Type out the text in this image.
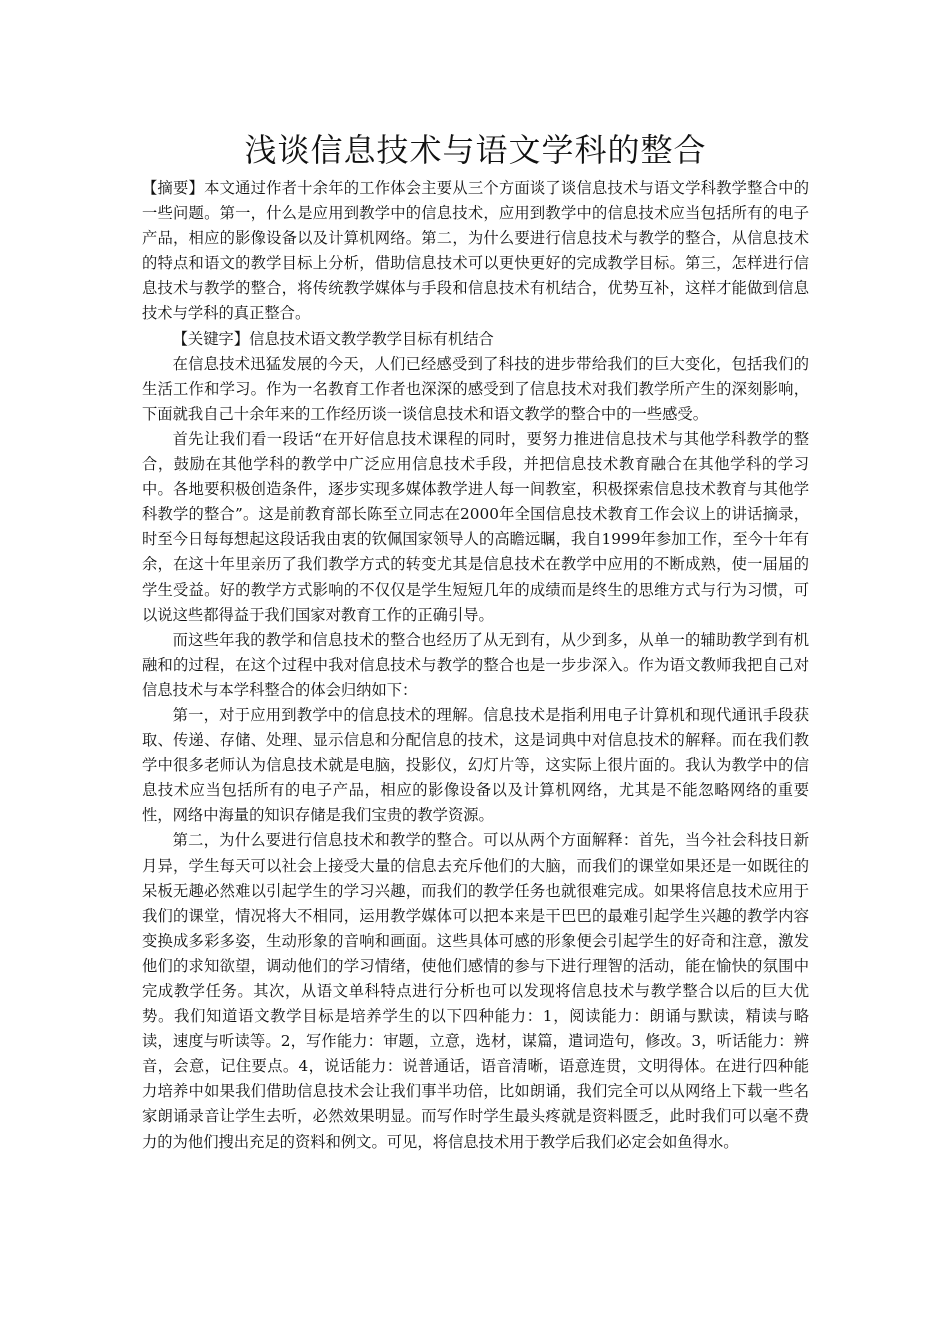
浅谈信息技术与语文学科的整合

【摘要】本文通过作者十余年的工作体会主要从三个方面谈了谈信息技术与语文学科教学整合中的一些问题。第一，什么是应用到教学中的信息技术，应用到教学中的信息技术应当包括所有的电子产品，相应的影像设备以及计算机网络。第二，为什么要进行信息技术与教学的整合，从信息技术的特点和语文的教学目标上分析，借助信息技术可以更快更好的完成教学目标。第三，怎样进行信息技术与教学的整合，将传统教学媒体与手段和信息技术有机结合，优势互补，这样才能做到信息技术与学科的真正整合。

【关键字】信息技术语文教学教学目标有机结合

在信息技术迅猛发展的今天，人们已经感受到了科技的进步带给我们的巨大变化，包括我们的生活工作和学习。作为一名教育工作者也深深的感受到了信息技术对我们教学所产生的深刻影响，下面就我自己十余年来的工作经历谈一谈信息技术和语文教学的整合中的一些感受。

首先让我们看一段话“在开好信息技术课程的同时，要努力推进信息技术与其他学科教学的整合，鼓励在其他学科的教学中广泛应用信息技术手段，并把信息技术教育融合在其他学科的学习中。各地要积极创造条件，逐步实现多媒体教学进人每一间教室，积极探索信息技术教育与其他学科教学的整合”。这是前教育部长陈至立同志在2000年全国信息技术教育工作会议上的讲话摘录，时至今日每每想起这段话我由衷的钦佩国家领导人的高瞻远瞩，我自1999年参加工作，至今十年有余，在这十年里亲历了我们教学方式的转变尤其是信息技术在教学中应用的不断成熟，使一届届的学生受益。好的教学方式影响的不仅仅是学生短短几年的成绩而是终生的思维方式与行为习惯，可以说这些都得益于我们国家对教育工作的正确引导。

而这些年我的教学和信息技术的整合也经历了从无到有，从少到多，从单一的辅助教学到有机融和的过程，在这个过程中我对信息技术与教学的整合也是一步步深入。作为语文教师我把自己对信息技术与本学科整合的体会归纳如下：

第一，对于应用到教学中的信息技术的理解。信息技术是指利用电子计算机和现代通讯手段获取、传递、存储、处理、显示信息和分配信息的技术，这是词典中对信息技术的解释。而在我们教学中很多老师认为信息技术就是电脑，投影仪，幻灯片等，这实际上很片面的。我认为教学中的信息技术应当包括所有的电子产品，相应的影像设备以及计算机网络，尤其是不能忽略网络的重要性，网络中海量的知识存储是我们宝贵的教学资源。

第二，为什么要进行信息技术和教学的整合。可以从两个方面解释：首先，当今社会科技日新月异，学生每天可以社会上接受大量的信息去充斥他们的大脑，而我们的课堂如果还是一如既往的呆板无趣必然难以引起学生的学习兴趣，而我们的教学任务也就很难完成。如果将信息技术应用于我们的课堂，情况将大不相同，运用教学媒体可以把本来是干巴巴的最难引起学生兴趣的教学内容变换成多彩多姿，生动形象的音响和画面。这些具体可感的形象便会引起学生的好奇和注意，激发他们的求知欲望，调动他们的学习情绪，使他们感情的参与下进行理智的活动，能在愉快的氛围中完成教学任务。其次，从语文单科特点进行分析也可以发现将信息技术与教学整合以后的巨大优势。我们知道语文教学目标是培养学生的以下四种能力：1，阅读能力：朗诵与默读，精读与略读，速度与听读等。2，写作能力：审题，立意，选材，谋篇，遣词造句，修改。3，听话能力：辨音，会意，记住要点。4，说话能力：说普通话，语音清晰，语意连贯，文明得体。在进行四种能力培养中如果我们借助信息技术会让我们事半功倍，比如朗诵，我们完全可以从网络上下载一些名家朗诵录音让学生去听，必然效果明显。而写作时学生最头疼就是资料匮乏，此时我们可以毫不费力的为他们搜出充足的资料和例文。可见，将信息技术用于教学后我们必定会如鱼得水。
